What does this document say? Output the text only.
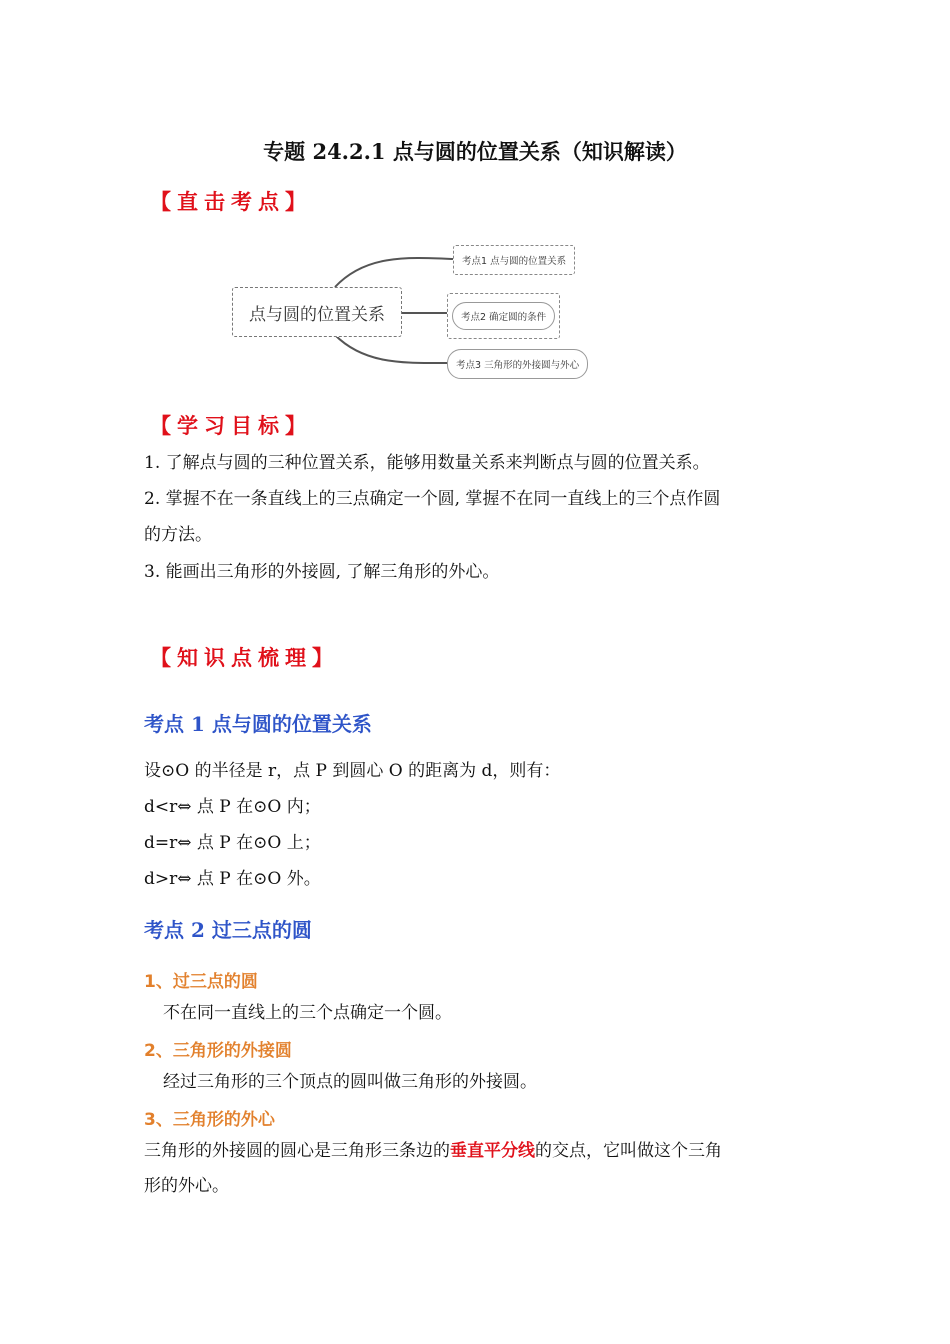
专题 24.2.1 点与圆的位置关系（知识解读）
【直击考点】
点与圆的位置关系
考点1 点与圆的位置关系
考点2 确定圆的条件
考点3 三角形的外接圆与外心
【学习目标】
1. 了解点与圆的三种位置关系，能够用数量关系来判断点与圆的位置关系。
2. 掌握不在一条直线上的三点确定一个圆, 掌握不在同一直线上的三个点作圆
的方法。
3. 能画出三角形的外接圆, 了解三角形的外心。
【知识点梳理】
考点 1 点与圆的位置关系
设⊙O 的半径是 r，点 P 到圆心 O 的距离为 d，则有：
d<r⇔ 点 P 在⊙O 内；
d=r⇔ 点 P 在⊙O 上；
d>r⇔ 点 P 在⊙O 外。
考点 2 过三点的圆
1、过三点的圆
不在同一直线上的三个点确定一个圆。
2、三角形的外接圆
经过三角形的三个顶点的圆叫做三角形的外接圆。
3、三角形的外心
三角形的外接圆的圆心是三角形三条边的垂直平分线的交点，它叫做这个三角
形的外心。
